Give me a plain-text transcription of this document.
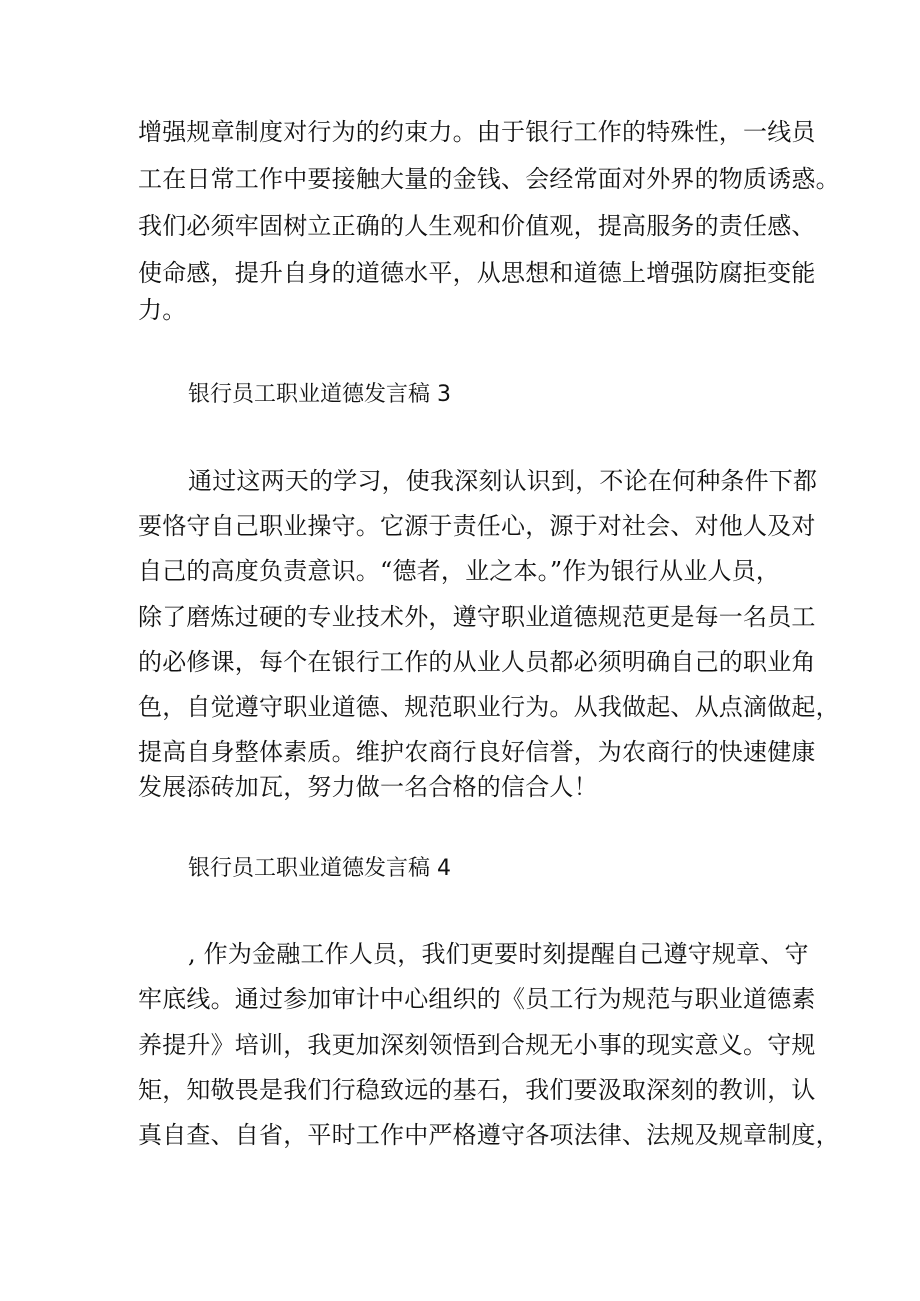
增强规章制度对行为的约束力。由于银行工作的特殊性，一线员
工在日常工作中要接触大量的金钱、会经常面对外界的物质诱惑。
我们必须牢固树立正确的人生观和价值观，提高服务的责任感、
使命感，提升自身的道德水平，从思想和道德上增强防腐拒变能
力。
银行员工职业道德发言稿 3
通过这两天的学习，使我深刻认识到，不论在何种条件下都
要恪守自己职业操守。它源于责任心，源于对社会、对他人及对
自己的高度负责意识。“德者，业之本。”作为银行从业人员，
除了磨炼过硬的专业技术外，遵守职业道德规范更是每一名员工
的必修课，每个在银行工作的从业人员都必须明确自己的职业角
色，自觉遵守职业道德、规范职业行为。从我做起、从点滴做起，
提高自身整体素质。维护农商行良好信誉，为农商行的快速健康
发展添砖加瓦，努力做一名合格的信合人！
银行员工职业道德发言稿 4
, 作为金融工作人员，我们更要时刻提醒自己遵守规章、守
牢底线。通过参加审计中心组织的《员工行为规范与职业道德素
养提升》培训，我更加深刻领悟到合规无小事的现实意义。守规
矩，知敬畏是我们行稳致远的基石，我们要汲取深刻的教训，认
真自查、自省，平时工作中严格遵守各项法律、法规及规章制度，
